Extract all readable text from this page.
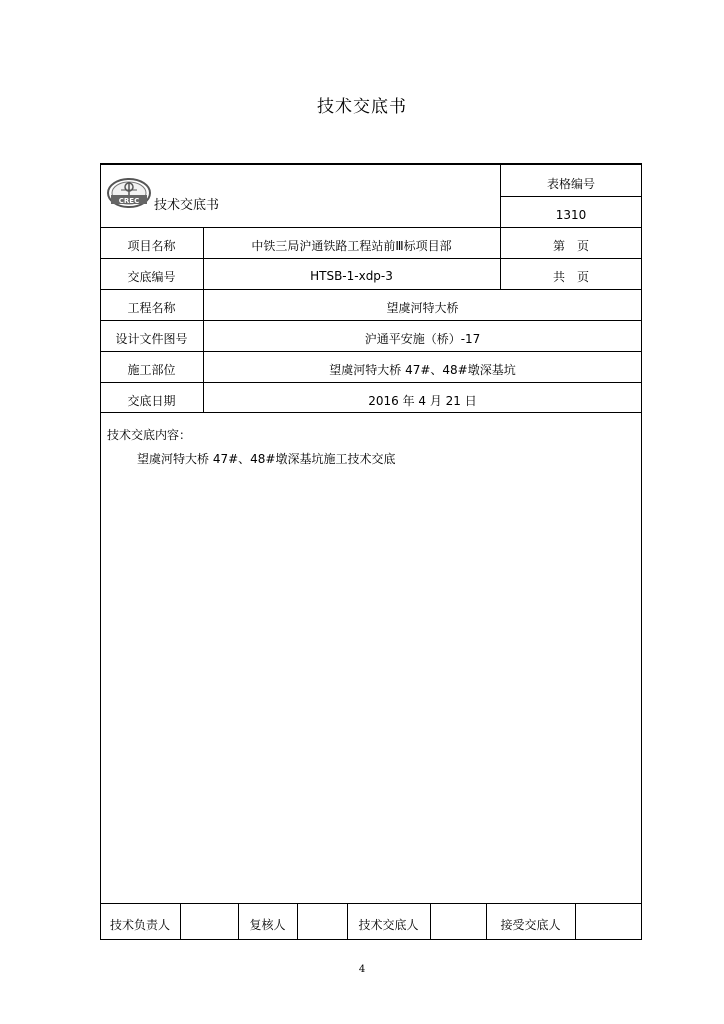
技术交底书
CREC 技术交底书
表格编号
1310
项目名称	中铁三局沪通铁路工程站前Ⅲ标项目部	第　页
交底编号	HTSB-1-xdp-3	共　页
工程名称	望虞河特大桥
设计文件图号	沪通平安施（桥）-17
施工部位	望虞河特大桥 47#、48#墩深基坑
交底日期	2016 年 4 月 21 日
技术交底内容：
望虞河特大桥 47#、48#墩深基坑施工技术交底
技术负责人	复核人	技术交底人	接受交底人
4
